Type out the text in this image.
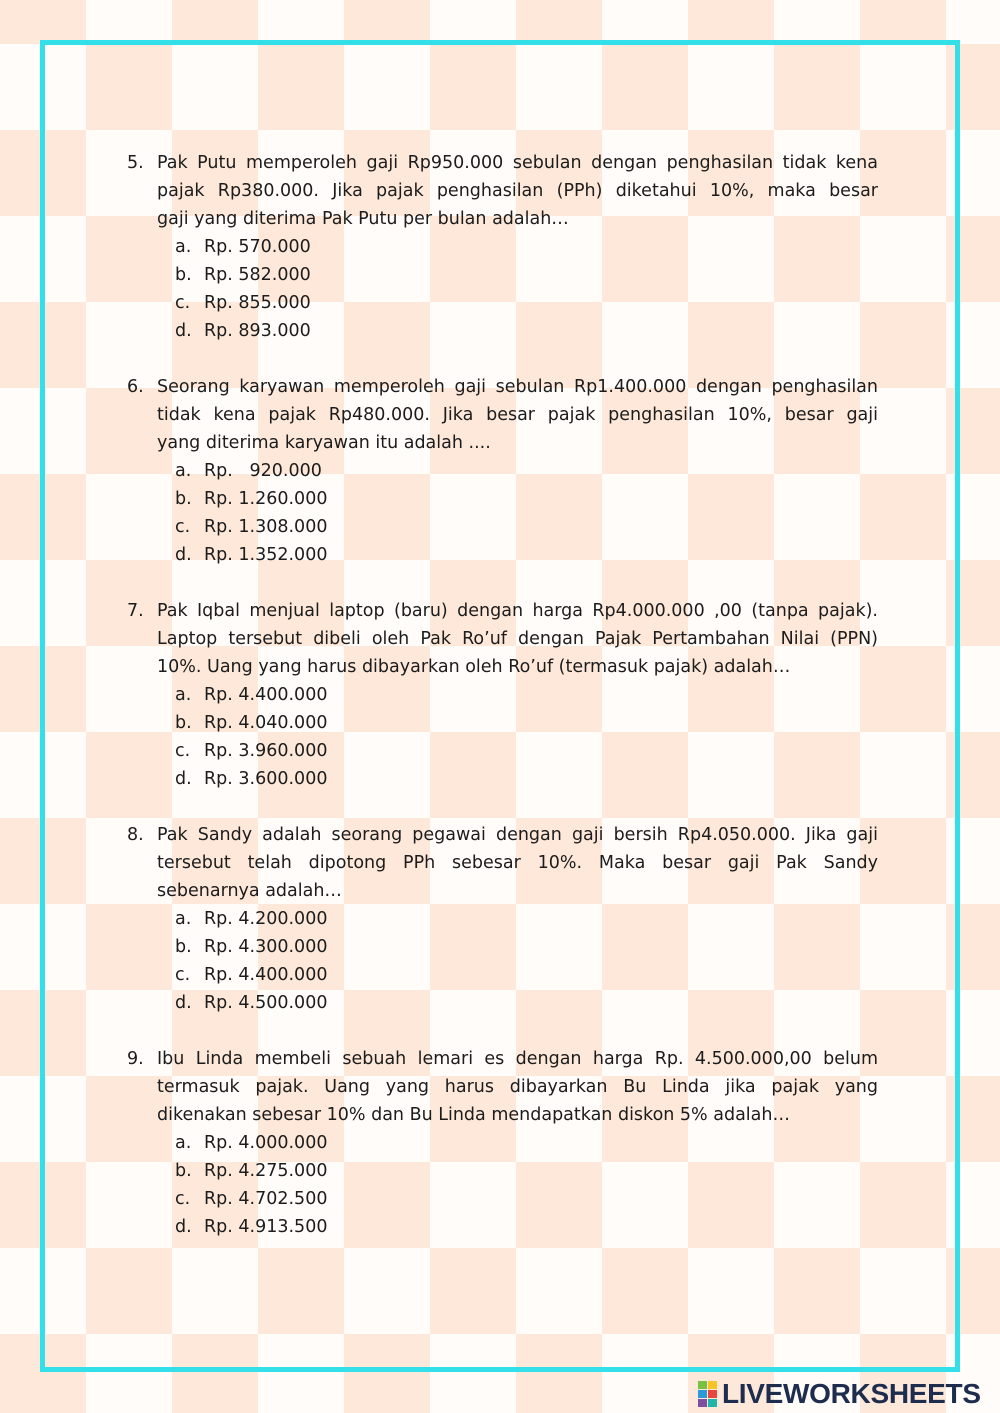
5. Pak Putu memperoleh gaji Rp950.000 sebulan dengan penghasilan tidak kena
pajak Rp380.000. Jika pajak penghasilan (PPh) diketahui 10%, maka besar
gaji yang diterima Pak Putu per bulan adalah…
a. Rp. 570.000
b. Rp. 582.000
c. Rp. 855.000
d. Rp. 893.000
6. Seorang karyawan memperoleh gaji sebulan Rp1.400.000 dengan penghasilan
tidak kena pajak Rp480.000. Jika besar pajak penghasilan 10%, besar gaji
yang diterima karyawan itu adalah ....
a. Rp.   920.000
b. Rp. 1.260.000
c. Rp. 1.308.000
d. Rp. 1.352.000
7. Pak Iqbal menjual laptop (baru) dengan harga Rp4.000.000 ,00 (tanpa pajak).
Laptop tersebut dibeli oleh Pak Ro’uf dengan Pajak Pertambahan Nilai (PPN)
10%. Uang yang harus dibayarkan oleh Ro’uf (termasuk pajak) adalah…
a. Rp. 4.400.000
b. Rp. 4.040.000
c. Rp. 3.960.000
d. Rp. 3.600.000
8. Pak Sandy adalah seorang pegawai dengan gaji bersih Rp4.050.000. Jika gaji
tersebut telah dipotong PPh sebesar 10%. Maka besar gaji Pak Sandy
sebenarnya adalah…
a. Rp. 4.200.000
b. Rp. 4.300.000
c. Rp. 4.400.000
d. Rp. 4.500.000
9. Ibu Linda membeli sebuah lemari es dengan harga Rp. 4.500.000,00 belum
termasuk pajak. Uang yang harus dibayarkan Bu Linda jika pajak yang
dikenakan sebesar 10% dan Bu Linda mendapatkan diskon 5% adalah…
a. Rp. 4.000.000
b. Rp. 4.275.000
c. Rp. 4.702.500
d. Rp. 4.913.500
LIVEWORKSHEETS
